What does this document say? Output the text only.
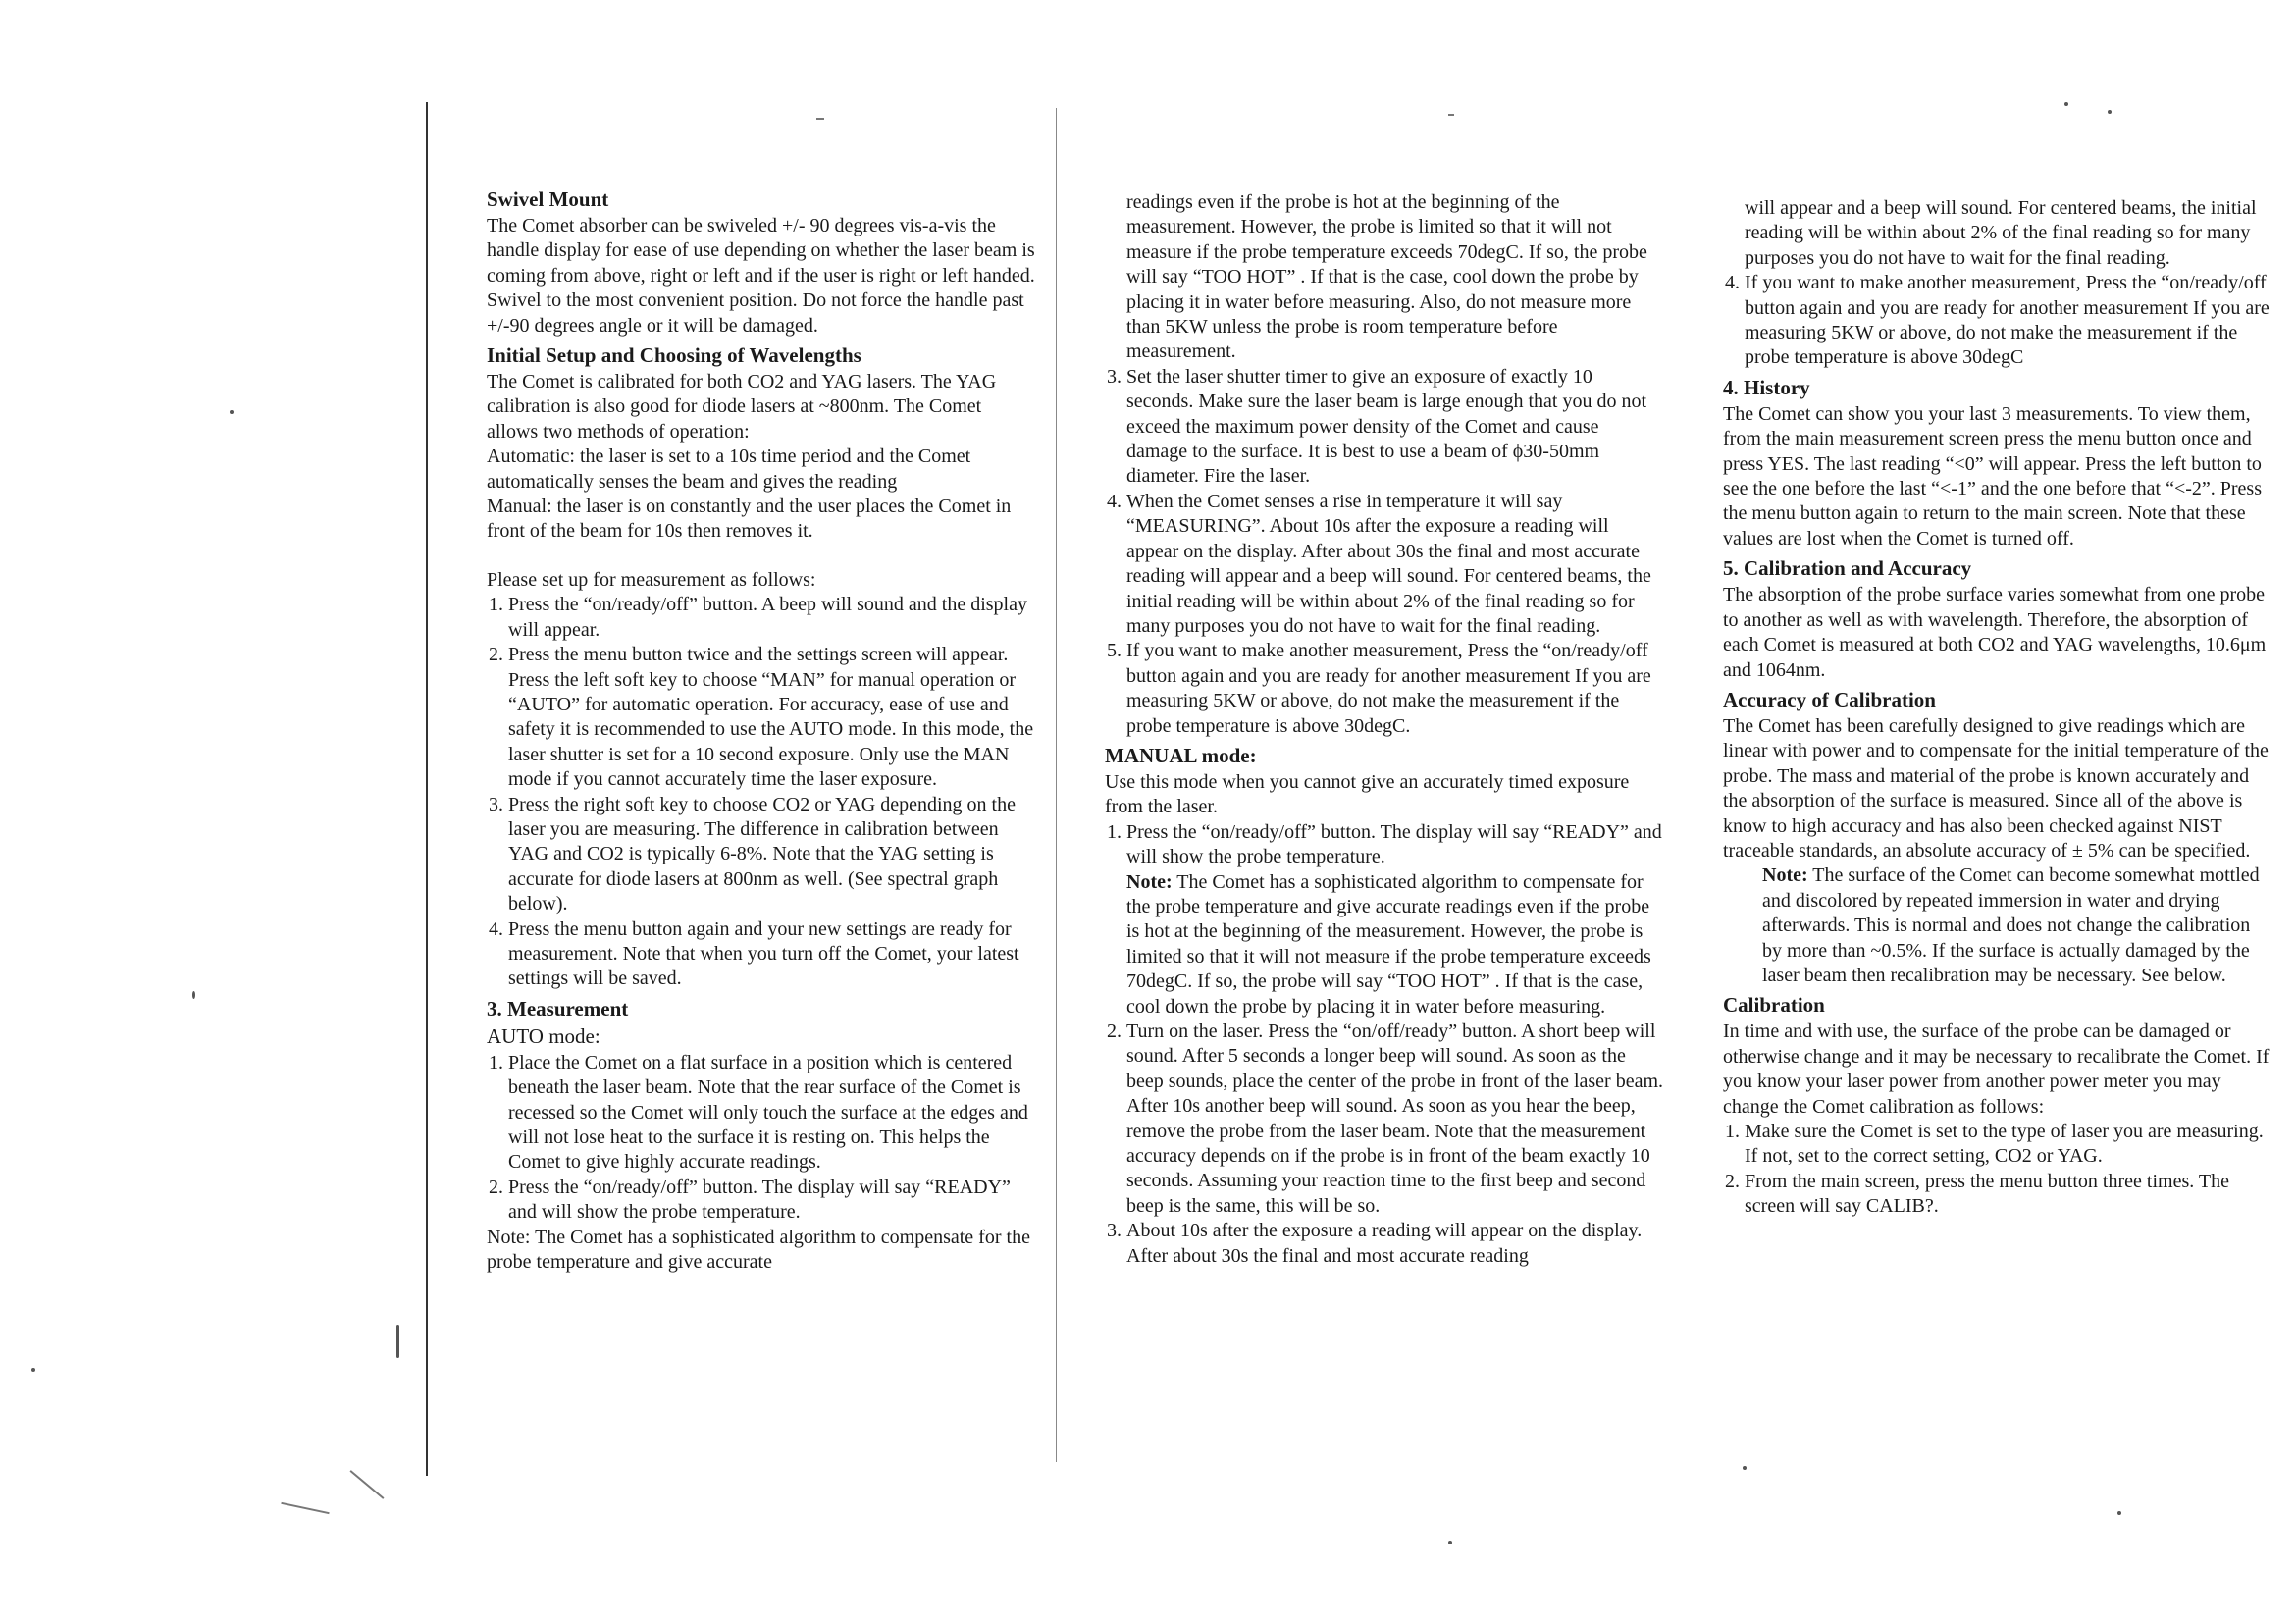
Swivel Mount

The Comet absorber can be swiveled +/- 90 degrees vis-a-vis the handle display for ease of use depending on whether the laser beam is coming from above, right or left and if the user is right or left handed. Swivel to the most convenient position. Do not force the handle past +/-90 degrees angle or it will be damaged.

Initial Setup and Choosing of Wavelengths

The Comet is calibrated for both CO2 and YAG lasers. The YAG calibration is also good for diode lasers at ~800nm. The Comet allows two methods of operation:

Automatic: the laser is set to a 10s time period and the Comet automatically senses the beam and gives the reading

Manual: the laser is on constantly and the user places the Comet in front of the beam for 10s then removes it.

Please set up for measurement as follows:

1. Press the “on/ready/off” button. A beep will sound and the display will appear.
2. Press the menu button twice and the settings screen will appear. Press the left soft key to choose “MAN” for manual operation or “AUTO” for automatic operation. For accuracy, ease of use and safety it is recommended to use the AUTO mode. In this mode, the laser shutter is set for a 10 second exposure. Only use the MAN mode if you cannot accurately time the laser exposure.
3. Press the right soft key to choose CO2 or YAG depending on the laser you are measuring. The difference in calibration between YAG and CO2 is typically 6-8%. Note that the YAG setting is accurate for diode lasers at 800nm as well. (See spectral graph below).
4. Press the menu button again and your new settings are ready for measurement. Note that when you turn off the Comet, your latest settings will be saved.
3. Measurement
AUTO mode:
1. Place the Comet on a flat surface in a position which is centered beneath the laser beam. Note that the rear surface of the Comet is recessed so the Comet will only touch the surface at the edges and will not lose heat to the surface it is resting on. This helps the Comet to give highly accurate readings.
2. Press the “on/ready/off” button. The display will say “READY” and will show the probe temperature.

Note: The Comet has a sophisticated algorithm to compensate for the probe temperature and give accurate

readings even if the probe is hot at the beginning of the measurement. However, the probe is limited so that it will not measure if the probe temperature exceeds 70degC. If so, the probe will say “TOO HOT” . If that is the case, cool down the probe by placing it in water before measuring. Also, do not measure more than 5KW unless the probe is room temperature before measurement.

3. Set the laser shutter timer to give an exposure of exactly 10 seconds. Make sure the laser beam is large enough that you do not exceed the maximum power density of the Comet and cause damage to the surface. It is best to use a beam of ϕ30-50mm diameter. Fire the laser.
4. When the Comet senses a rise in temperature it will say “MEASURING”. About 10s after the exposure a reading will appear on the display. After about 30s the final and most accurate reading will appear and a beep will sound. For centered beams, the initial reading will be within about 2% of the final reading so for many purposes you do not have to wait for the final reading.
5. If you want to make another measurement, Press the “on/ready/off button again and you are ready for another measurement If you are measuring 5KW or above, do not make the measurement if the probe temperature is above 30degC.
MANUAL mode:

Use this mode when you cannot give an accurately timed exposure from the laser.

1. Press the “on/ready/off” button. The display will say “READY” and will show the probe temperature.
Note: The Comet has a sophisticated algorithm to compensate for the probe temperature and give accurate readings even if the probe is hot at the beginning of the measurement. However, the probe is limited so that it will not measure if the probe temperature exceeds 70degC. If so, the probe will say “TOO HOT” . If that is the case, cool down the probe by placing it in water before measuring.
2. Turn on the laser. Press the “on/off/ready” button. A short beep will sound. After 5 seconds a longer beep will sound. As soon as the beep sounds, place the center of the probe in front of the laser beam. After 10s another beep will sound. As soon as you hear the beep, remove the probe from the laser beam. Note that the measurement accuracy depends on if the probe is in front of the beam exactly 10 seconds. Assuming your reaction time to the first beep and second beep is the same, this will be so.
3. About 10s after the exposure a reading will appear on the display. After about 30s the final and most accurate reading

will appear and a beep will sound. For centered beams, the initial reading will be within about 2% of the final reading so for many purposes you do not have to wait for the final reading.

4. If you want to make another measurement, Press the “on/ready/off button again and you are ready for another measurement If you are measuring 5KW or above, do not make the measurement if the probe temperature is above 30degC
4. History

The Comet can show you your last 3 measurements. To view them, from the main measurement screen press the menu button once and press YES. The last reading “<0” will appear. Press the left button to see the one before the last “<-1” and the one before that “<-2”. Press the menu button again to return to the main screen. Note that these values are lost when the Comet is turned off.

5. Calibration and Accuracy

The absorption of the probe surface varies somewhat from one probe to another as well as with wavelength. Therefore, the absorption of each Comet is measured at both CO2 and YAG wavelengths, 10.6μm and 1064nm.

Accuracy of Calibration

The Comet has been carefully designed to give readings which are linear with power and to compensate for the initial temperature of the probe. The mass and material of the probe is known accurately and the absorption of the surface is measured. Since all of the above is know to high accuracy and has also been checked against NIST traceable standards, an absolute accuracy of ± 5% can be specified.

Note: The surface of the Comet can become somewhat mottled and discolored by repeated immersion in water and drying afterwards. This is normal and does not change the calibration by more than ~0.5%. If the surface is actually damaged by the laser beam then recalibration may be necessary. See below.

Calibration

In time and with use, the surface of the probe can be damaged or otherwise change and it may be necessary to recalibrate the Comet. If you know your laser power from another power meter you may change the Comet calibration as follows:

1. Make sure the Comet is set to the type of laser you are measuring. If not, set to the correct setting, CO2 or YAG.
2. From the main screen, press the menu button three times. The screen will say CALIB?.
